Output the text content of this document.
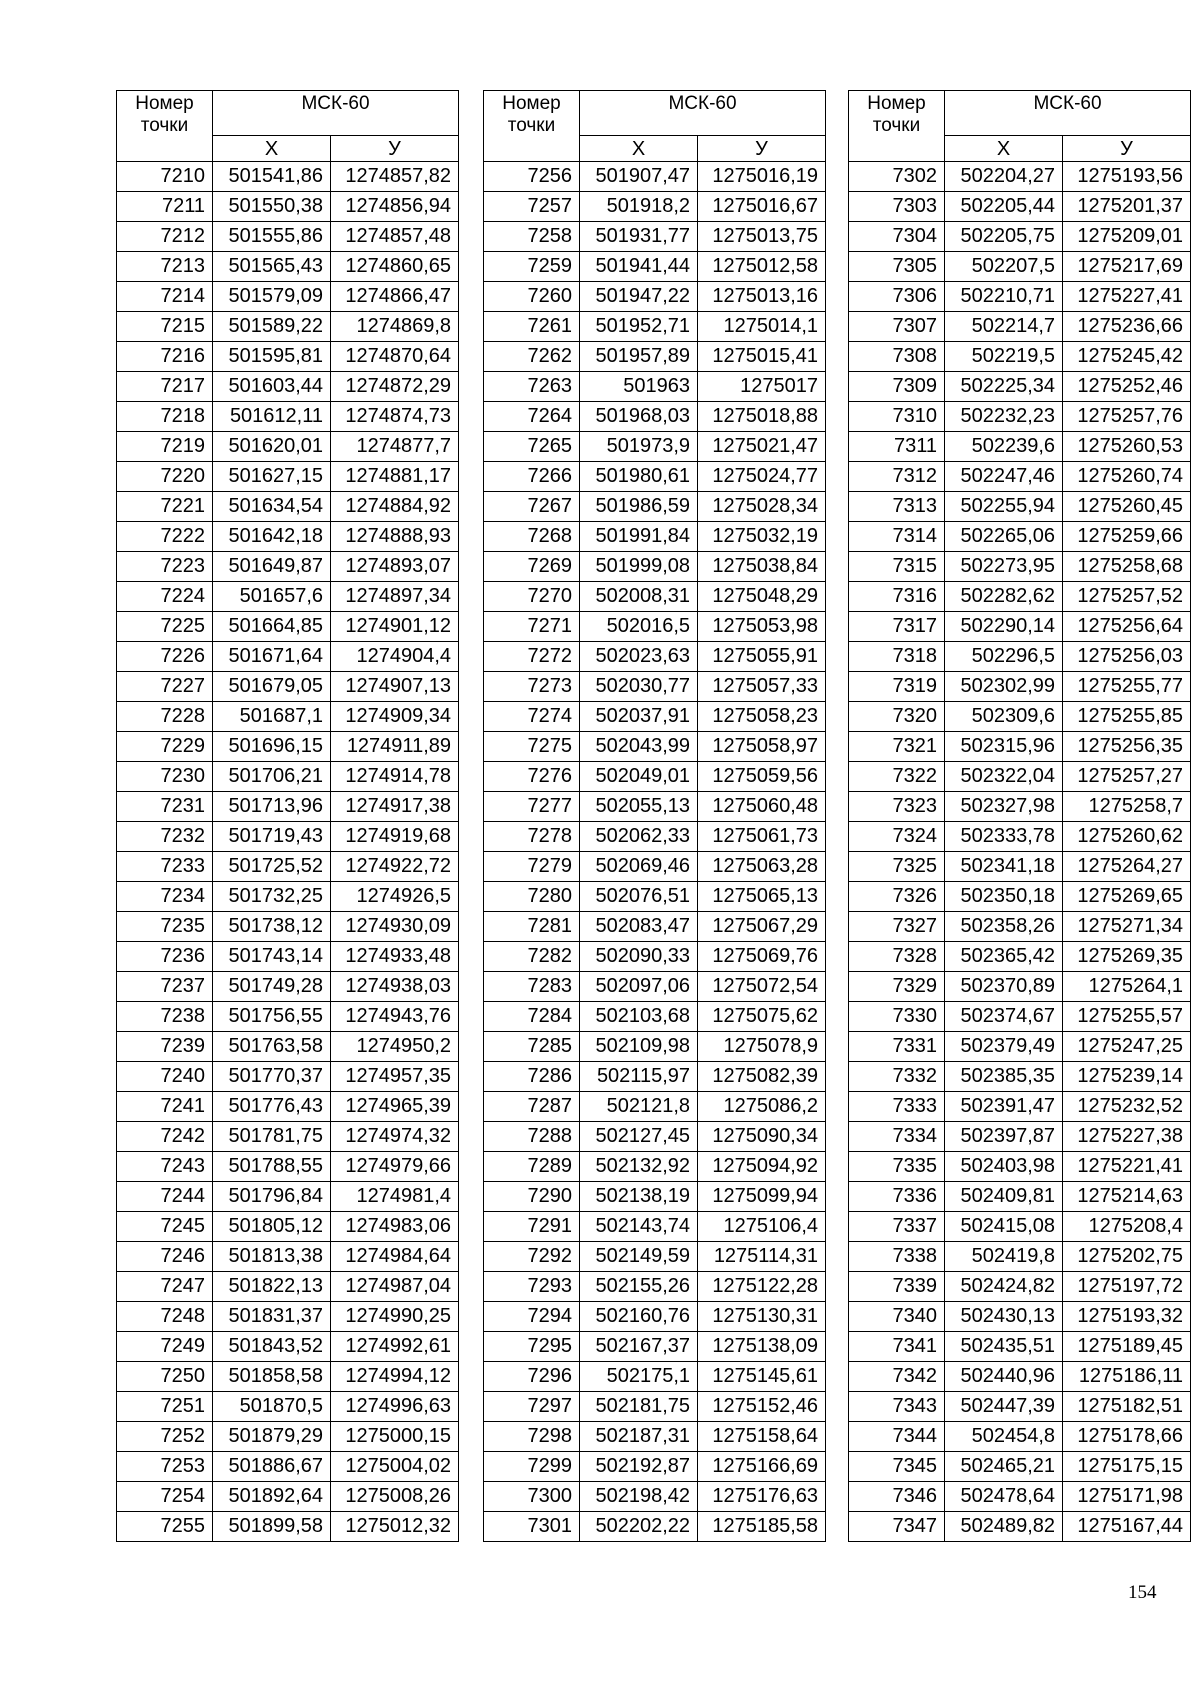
Номер точки	МСК-60	
	X	У
7210	501541,86	1274857,82
7211	501550,38	1274856,94
7212	501555,86	1274857,48
7213	501565,43	1274860,65
7214	501579,09	1274866,47
7215	501589,22	1274869,8
7216	501595,81	1274870,64
7217	501603,44	1274872,29
7218	501612,11	1274874,73
7219	501620,01	1274877,7
7220	501627,15	1274881,17
7221	501634,54	1274884,92
7222	501642,18	1274888,93
7223	501649,87	1274893,07
7224	501657,6	1274897,34
7225	501664,85	1274901,12
7226	501671,64	1274904,4
7227	501679,05	1274907,13
7228	501687,1	1274909,34
7229	501696,15	1274911,89
7230	501706,21	1274914,78
7231	501713,96	1274917,38
7232	501719,43	1274919,68
7233	501725,52	1274922,72
7234	501732,25	1274926,5
7235	501738,12	1274930,09
7236	501743,14	1274933,48
7237	501749,28	1274938,03
7238	501756,55	1274943,76
7239	501763,58	1274950,2
7240	501770,37	1274957,35
7241	501776,43	1274965,39
7242	501781,75	1274974,32
7243	501788,55	1274979,66
7244	501796,84	1274981,4
7245	501805,12	1274983,06
7246	501813,38	1274984,64
7247	501822,13	1274987,04
7248	501831,37	1274990,25
7249	501843,52	1274992,61
7250	501858,58	1274994,12
7251	501870,5	1274996,63
7252	501879,29	1275000,15
7253	501886,67	1275004,02
7254	501892,64	1275008,26
7255	501899,58	1275012,32
Номер точки	МСК-60	
	X	У
7256	501907,47	1275016,19
7257	501918,2	1275016,67
7258	501931,77	1275013,75
7259	501941,44	1275012,58
7260	501947,22	1275013,16
7261	501952,71	1275014,1
7262	501957,89	1275015,41
7263	501963	1275017
7264	501968,03	1275018,88
7265	501973,9	1275021,47
7266	501980,61	1275024,77
7267	501986,59	1275028,34
7268	501991,84	1275032,19
7269	501999,08	1275038,84
7270	502008,31	1275048,29
7271	502016,5	1275053,98
7272	502023,63	1275055,91
7273	502030,77	1275057,33
7274	502037,91	1275058,23
7275	502043,99	1275058,97
7276	502049,01	1275059,56
7277	502055,13	1275060,48
7278	502062,33	1275061,73
7279	502069,46	1275063,28
7280	502076,51	1275065,13
7281	502083,47	1275067,29
7282	502090,33	1275069,76
7283	502097,06	1275072,54
7284	502103,68	1275075,62
7285	502109,98	1275078,9
7286	502115,97	1275082,39
7287	502121,8	1275086,2
7288	502127,45	1275090,34
7289	502132,92	1275094,92
7290	502138,19	1275099,94
7291	502143,74	1275106,4
7292	502149,59	1275114,31
7293	502155,26	1275122,28
7294	502160,76	1275130,31
7295	502167,37	1275138,09
7296	502175,1	1275145,61
7297	502181,75	1275152,46
7298	502187,31	1275158,64
7299	502192,87	1275166,69
7300	502198,42	1275176,63
7301	502202,22	1275185,58
Номер точки	МСК-60	
	X	У
7302	502204,27	1275193,56
7303	502205,44	1275201,37
7304	502205,75	1275209,01
7305	502207,5	1275217,69
7306	502210,71	1275227,41
7307	502214,7	1275236,66
7308	502219,5	1275245,42
7309	502225,34	1275252,46
7310	502232,23	1275257,76
7311	502239,6	1275260,53
7312	502247,46	1275260,74
7313	502255,94	1275260,45
7314	502265,06	1275259,66
7315	502273,95	1275258,68
7316	502282,62	1275257,52
7317	502290,14	1275256,64
7318	502296,5	1275256,03
7319	502302,99	1275255,77
7320	502309,6	1275255,85
7321	502315,96	1275256,35
7322	502322,04	1275257,27
7323	502327,98	1275258,7
7324	502333,78	1275260,62
7325	502341,18	1275264,27
7326	502350,18	1275269,65
7327	502358,26	1275271,34
7328	502365,42	1275269,35
7329	502370,89	1275264,1
7330	502374,67	1275255,57
7331	502379,49	1275247,25
7332	502385,35	1275239,14
7333	502391,47	1275232,52
7334	502397,87	1275227,38
7335	502403,98	1275221,41
7336	502409,81	1275214,63
7337	502415,08	1275208,4
7338	502419,8	1275202,75
7339	502424,82	1275197,72
7340	502430,13	1275193,32
7341	502435,51	1275189,45
7342	502440,96	1275186,11
7343	502447,39	1275182,51
7344	502454,8	1275178,66
7345	502465,21	1275175,15
7346	502478,64	1275171,98
7347	502489,82	1275167,44
154
